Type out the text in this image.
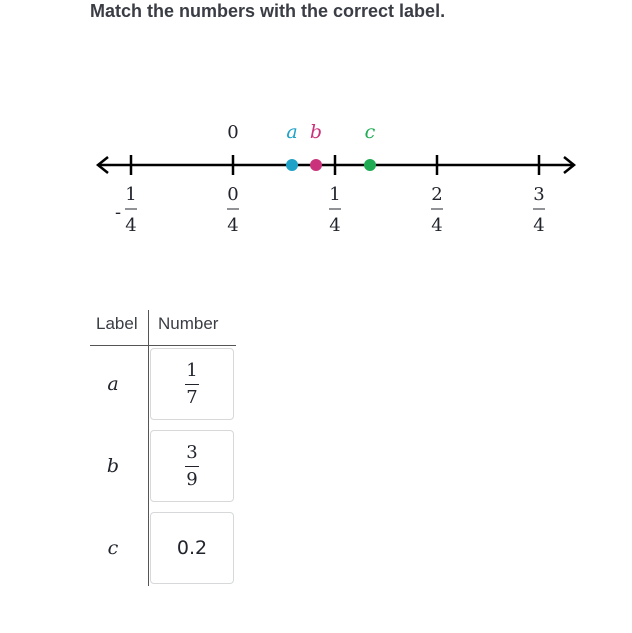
Match the numbers with the correct label.
0	a b c
-
1
4
0
4
1
4
2
4
3
4
Label Number
a	$\frac{1}{7}$
b	$\frac{3}{9}$
c	0.2
